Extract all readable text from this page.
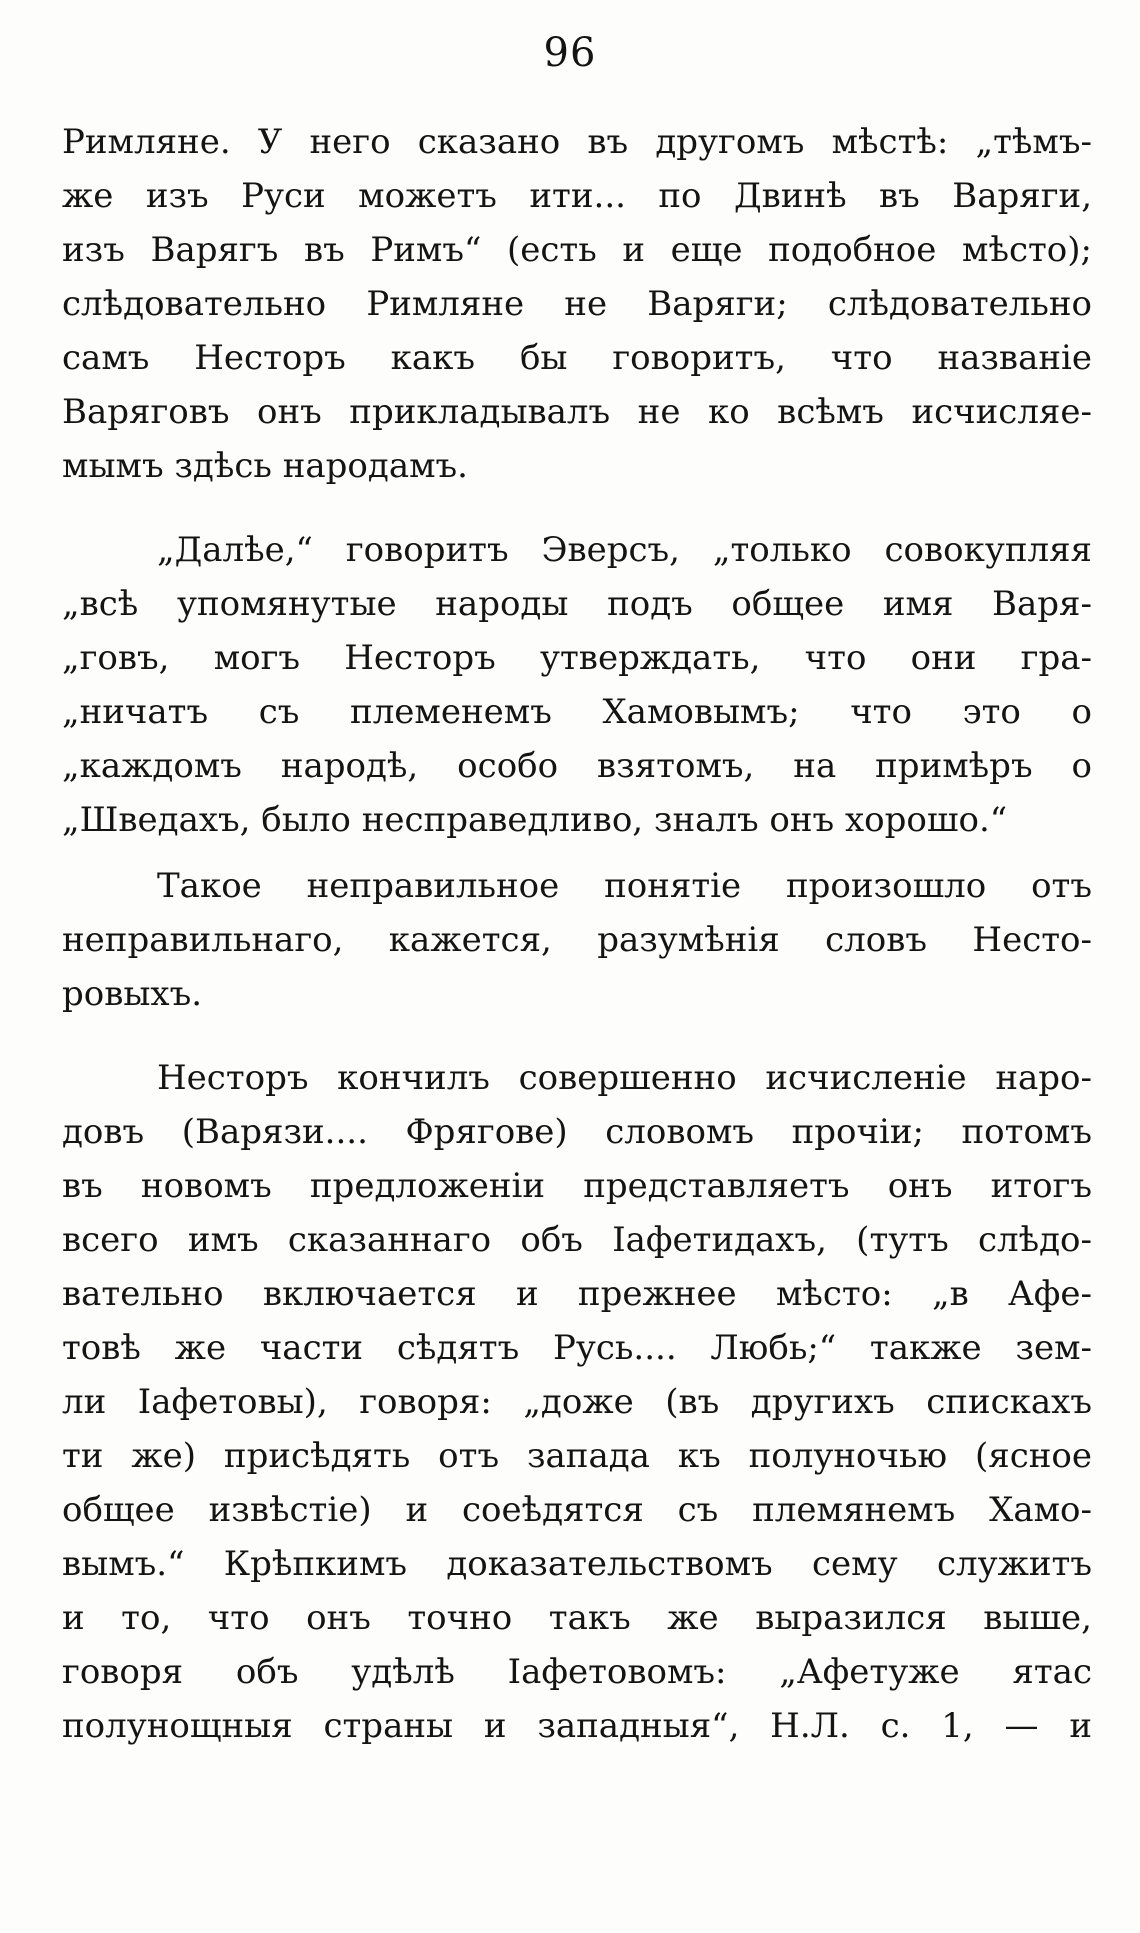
96
Римляне. У него сказано въ другомъ мѣстѣ: „тѣмъ-
же изъ Руси можетъ ити... по Двинѣ въ Варяги,
изъ Варягъ въ Римъ“ (есть и еще подобное мѣсто);
слѣдовательно Римляне не Варяги; слѣдовательно
самъ Несторъ какъ бы говоритъ, что названіе
Варяговъ онъ прикладывалъ не ко всѣмъ исчисляе-
мымъ здѣсь народамъ.
„Далѣе,“ говоритъ Эверсъ, „только совокупляя
„всѣ упомянутые народы подъ общее имя Варя-
„говъ, могъ Несторъ утверждать, что они гра-
„ничатъ съ племенемъ Хамовымъ; что это о
„каждомъ народѣ, особо взятомъ, на примѣръ о
„Шведахъ, было несправедливо, зналъ онъ хорошо.“
Такое неправильное понятіе произошло отъ
неправильнаго, кажется, разумѣнія словъ Несто-
ровыхъ.
Несторъ кончилъ совершенно исчисленіе наро-
довъ (Варязи.... Фрягове) словомъ прочіи; потомъ
въ новомъ предложеніи представляетъ онъ итогъ
всего имъ сказаннаго объ Іафетидахъ, (тутъ слѣдо-
вательно включается и прежнее мѣсто: „в Афе-
товѣ же части сѣдятъ Русь.... Любь;“ также зем-
ли Іафетовы), говоря: „доже (въ другихъ спискахъ
ти же) присѣдять отъ запада къ полуночью (ясное
общее извѣстіе) и соеѣдятся съ племянемъ Хамо-
вымъ.“ Крѣпкимъ доказательствомъ сему служитъ
и то, что онъ точно такъ же выразился выше,
говоря объ удѣлѣ Іафетовомъ: „Афетуже ятас
полунощныя страны и западныя“, Н.Л. с. 1, — и
